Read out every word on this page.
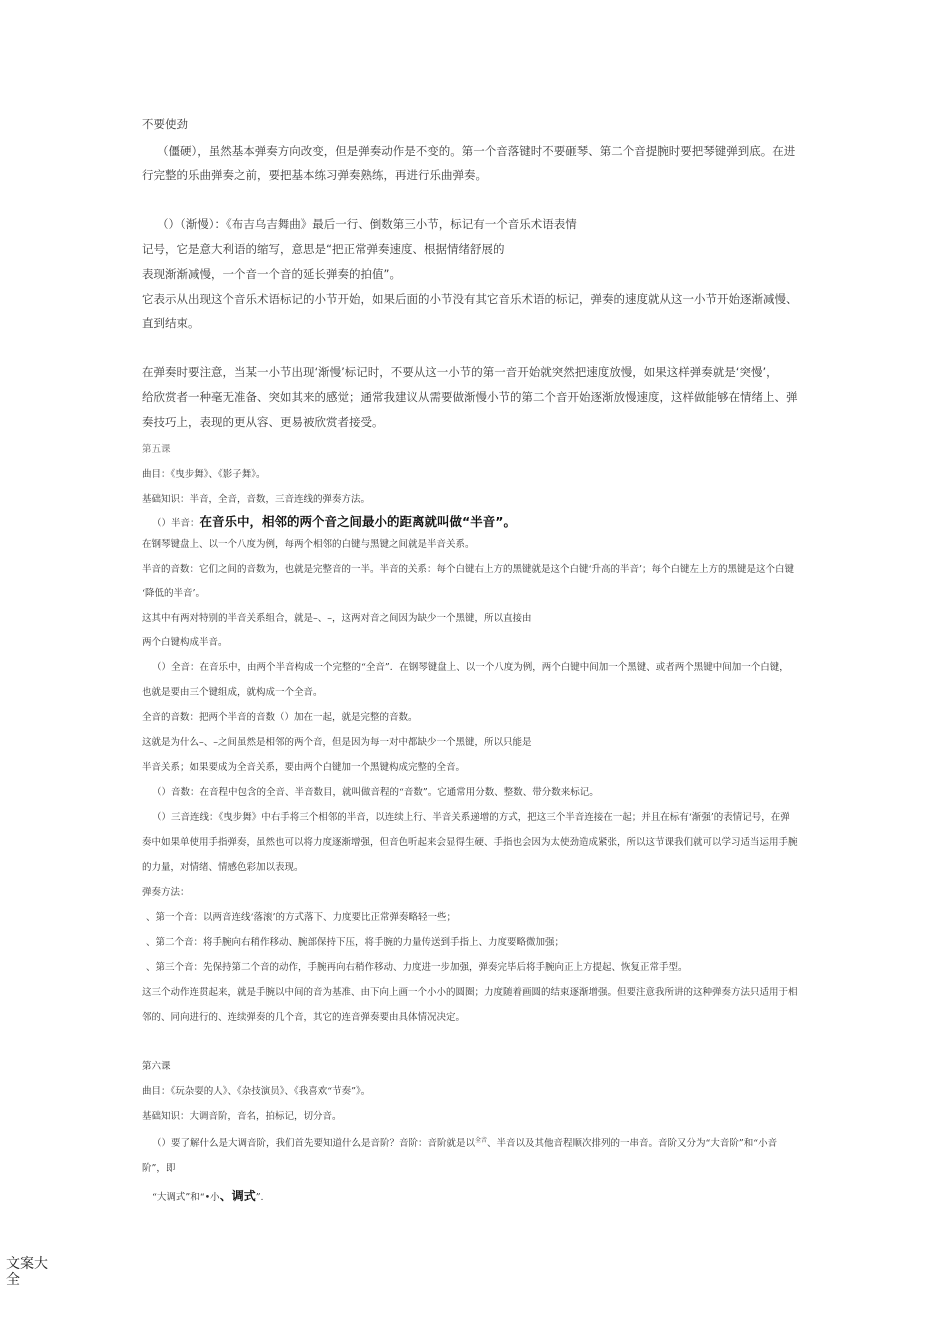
不要使劲
（僵硬），虽然基本弹奏方向改变，但是弹奏动作是不变的。第一个音落键时不要砸琴、第二个音提腕时要把琴键弹到底。在进
行完整的乐曲弹奏之前，要把基本练习弹奏熟练，再进行乐曲弹奏。
（）（渐慢）：《布吉乌吉舞曲》最后一行、倒数第三小节，标记有一个音乐术语表情
记号，它是意大利语的缩写，意思是“把正常弹奏速度、根据情绪舒展的
表现渐渐减慢，一个音一个音的延长弹奏的拍值”。
它表示从出现这个音乐术语标记的小节开始，如果后面的小节没有其它音乐术语的标记，弹奏的速度就从这一小节开始逐渐减慢、
直到结束。
在弹奏时要注意，当某一小节出现‘渐慢’标记时，不要从这一小节的第一音开始就突然把速度放慢，如果这样弹奏就是‘突慢’，
给欣赏者一种毫无准备、突如其来的感觉；通常我建议从需要做渐慢小节的第二个音开始逐渐放慢速度，这样做能够在情绪上、弹
奏技巧上，表现的更从容、更易被欣赏者接受。
第五课
曲目：《曳步舞》、《影子舞》。
基础知识：半音，全音，音数，三音连线的弹奏方法。
（）半音：在音乐中，相邻的两个音之间最小的距离就叫做“半音”。
在钢琴键盘上、以一个八度为例，每两个相邻的白键与黑键之间就是半音关系。
半音的音数：它们之间的音数为，也就是完整音的一半。半音的关系：每个白键右上方的黑键就是这个白键‘升高的半音’；每个白键左上方的黑键是这个白键
‘降低的半音’。
这其中有两对特别的半音关系组合，就是–、–，这两对音之间因为缺少一个黑键，所以直接由
两个白键构成半音。
（）全音：在音乐中，由两个半音构成一个完整的“全音”．在钢琴键盘上、以一个八度为例，两个白键中间加一个黑键、或者两个黑键中间加一个白键，
也就是要由三个键组成，就构成一个全音。
全音的音数：把两个半音的音数（）加在一起，就是完整的音数。
这就是为什么–、–之间虽然是相邻的两个音，但是因为每一对中都缺少一个黑键，所以只能是
半音关系；如果要成为全音关系，要由两个白键加一个黑键构成完整的全音。
（）音数：在音程中包含的全音、半音数目，就叫做音程的“音数”。它通常用分数、整数、带分数来标记。
（）三音连线：《曳步舞》中右手将三个相邻的半音，以连续上行、半音关系递增的方式，把这三个半音连接在一起；并且在标有‘渐强’的表情记号，在弹
奏中如果单使用手指弹奏，虽然也可以将力度逐渐增强，但音色听起来会显得生硬、手指也会因为太使劲造成紧张，所以这节课我们就可以学习适当运用手腕
的力量，对情绪、情感色彩加以表现。
弹奏方法：
、第一个音：以两音连线‘落滚’的方式落下、力度要比正常弹奏略轻一些；
、第二个音：将手腕向右稍作移动、腕部保持下压，将手腕的力量传送到手指上、力度要略微加强；
、第三个音：先保持第二个音的动作，手腕再向右稍作移动、力度进一步加强，弹奏完毕后将手腕向正上方提起、恢复正常手型。
这三个动作连贯起来，就是手腕以中间的音为基准、由下向上画一个小小的圆圈；力度随着画圆的结束逐渐增强。但要注意我所讲的这种弹奏方法只适用于相
邻的、同向进行的、连续弹奏的几个音，其它的连音弹奏要由具体情况决定。
第六课
曲目：《玩杂耍的人》、《杂技演员》、《我喜欢“节奏”》。
基础知识：大调音阶，音名，拍标记，切分音。
（）要了解什么是大调音阶，我们首先要知道什么是音阶？音阶：音阶就是以$^{全音}$、半音以及其他音程顺次排列的一串音。音阶又分为“大音阶”和“小音
阶”，即
“大调式”和“•小、调式”.
文案大全
